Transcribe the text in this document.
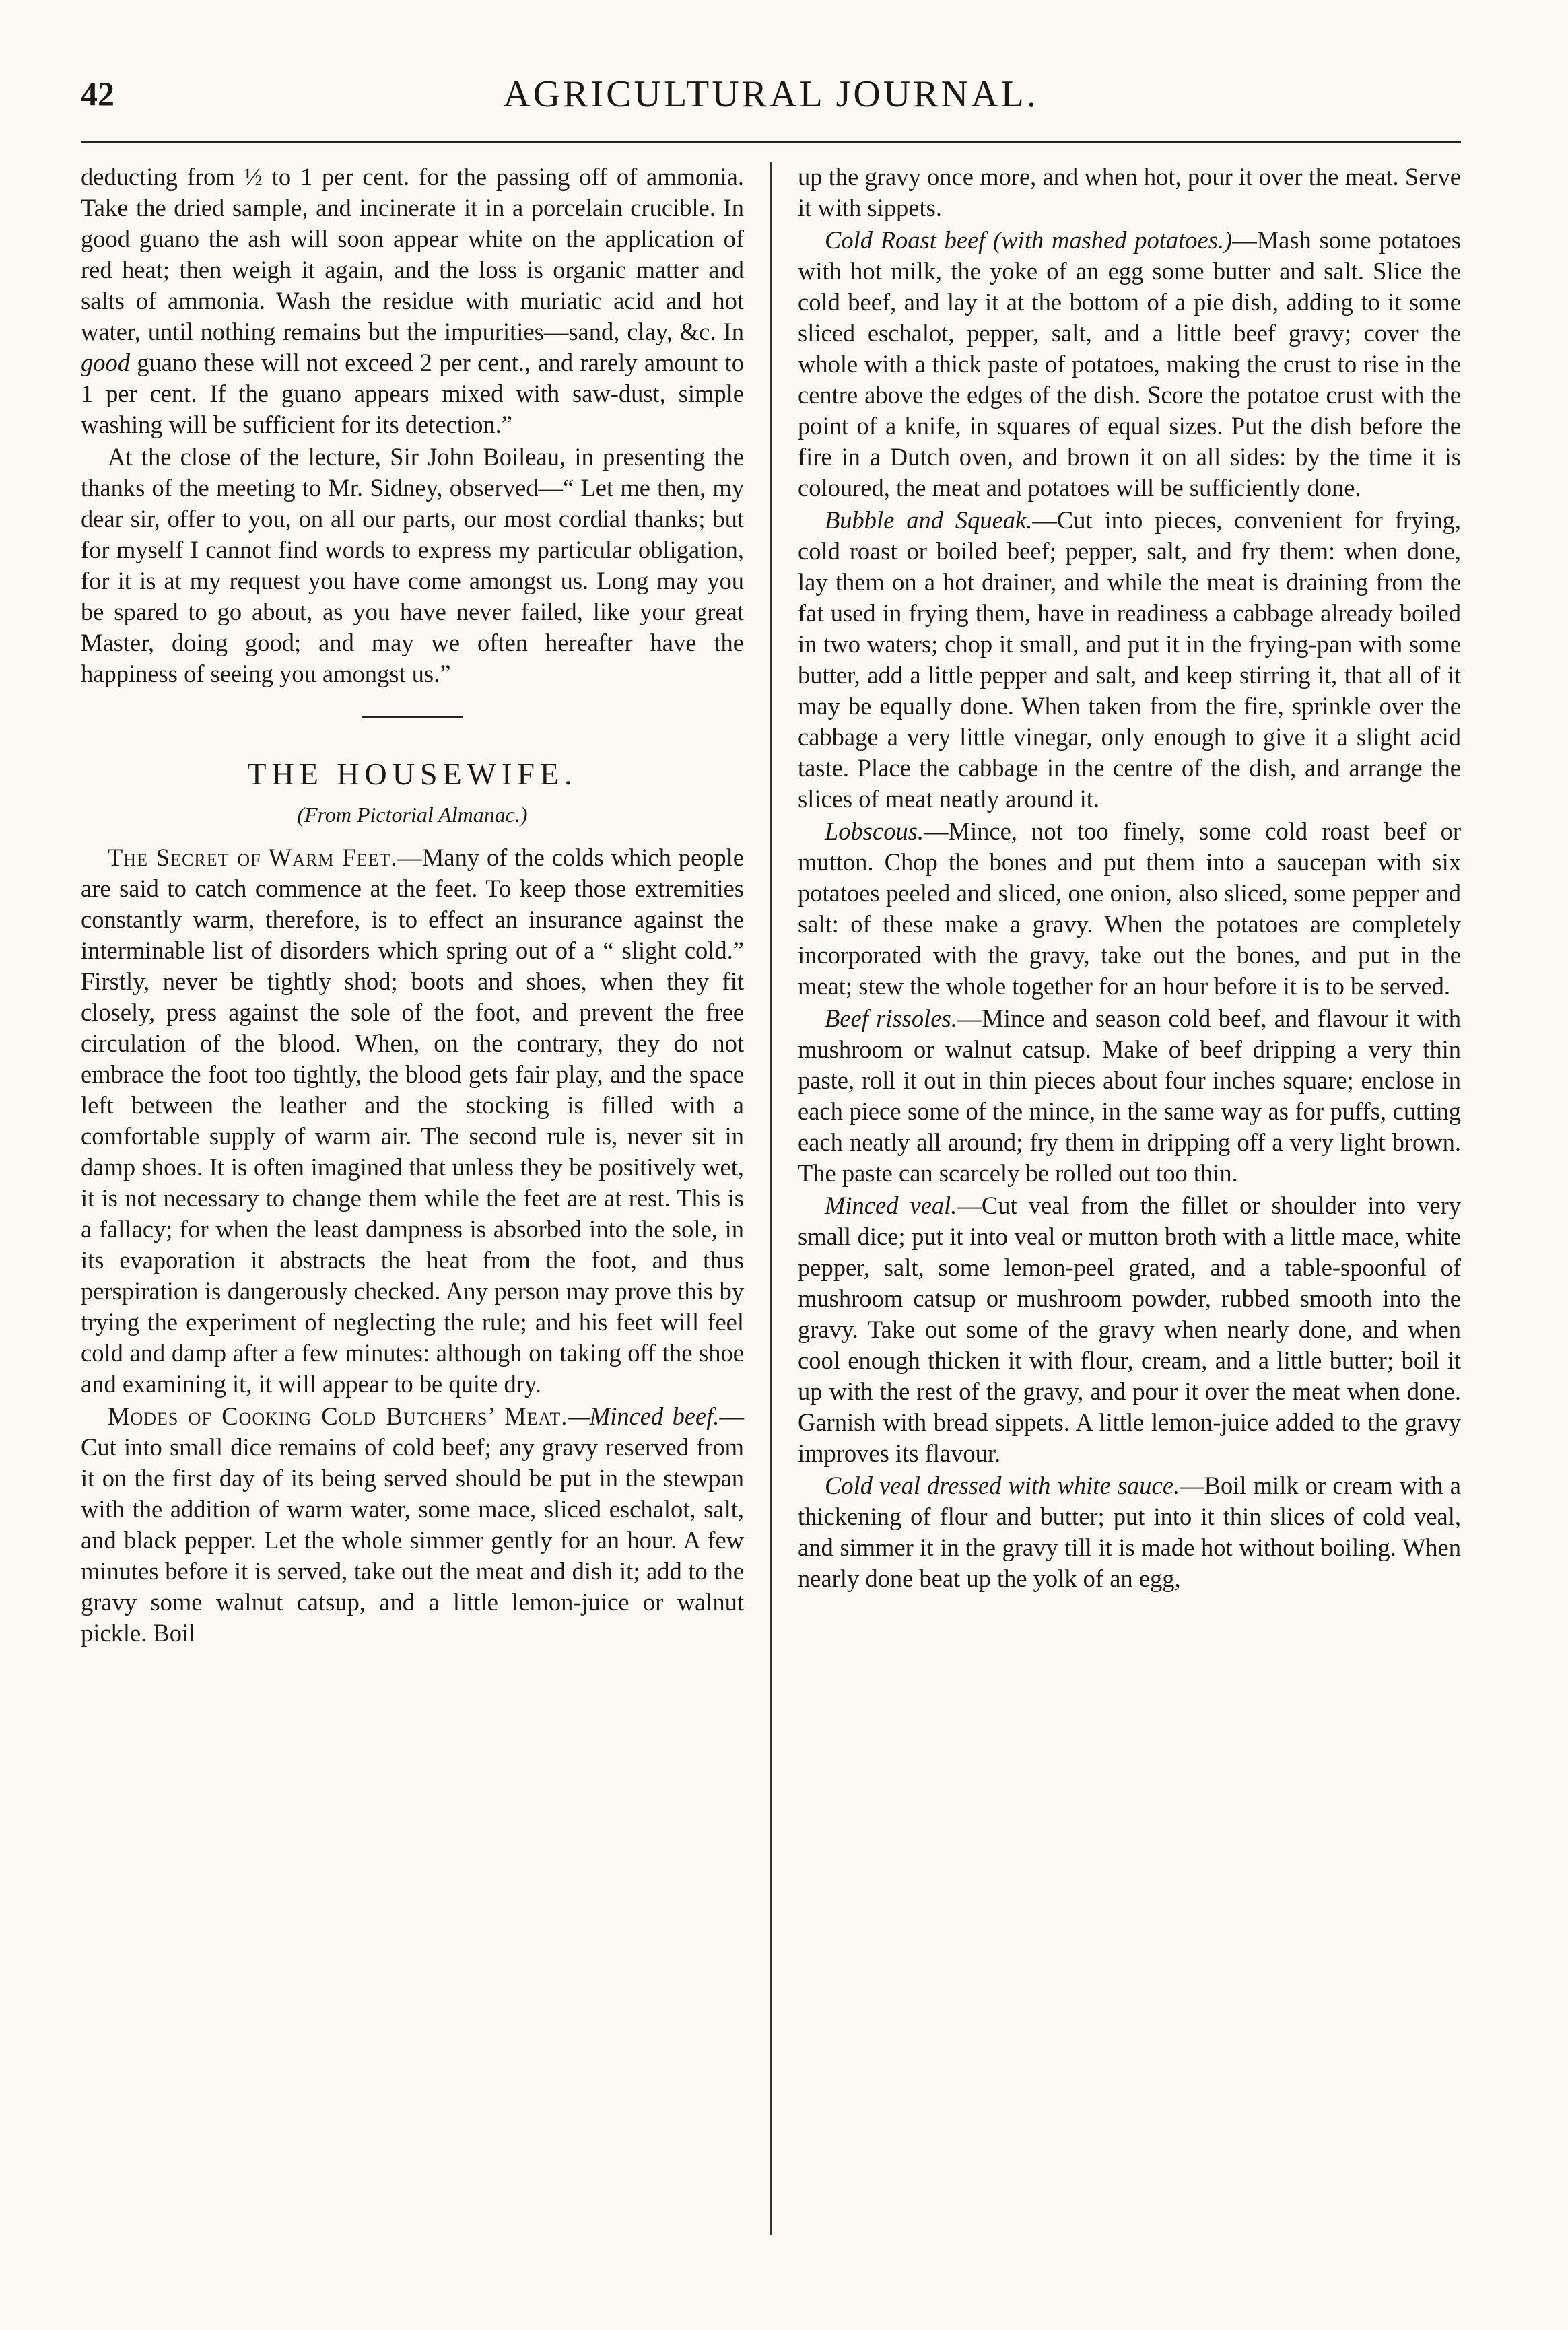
42	AGRICULTURAL JOURNAL.

deducting from ½ to 1 per cent. for the passing off of ammonia. Take the dried sample, and incinerate it in a porcelain crucible. In good guano the ash will soon appear white on the application of red heat; then weigh it again, and the loss is organic matter and salts of ammonia. Wash the residue with muriatic acid and hot water, until nothing remains but the impurities—sand, clay, &c. In good guano these will not exceed 2 per cent., and rarely amount to 1 per cent. If the guano appears mixed with saw-dust, simple washing will be sufficient for its detection.”

At the close of the lecture, Sir John Boileau, in presenting the thanks of the meeting to Mr. Sidney, observed—“ Let me then, my dear sir, offer to you, on all our parts, our most cordial thanks; but for myself I cannot find words to express my particular obligation, for it is at my request you have come amongst us. Long may you be spared to go about, as you have never failed, like your great Master, doing good; and may we often hereafter have the happiness of seeing you amongst us.”

THE HOUSEWIFE.
(From Pictorial Almanac.)

The Secret of Warm Feet.—Many of the colds which people are said to catch commence at the feet. To keep those extremities constantly warm, therefore, is to effect an insurance against the interminable list of disorders which spring out of a “ slight cold.” Firstly, never be tightly shod; boots and shoes, when they fit closely, press against the sole of the foot, and prevent the free circulation of the blood. When, on the contrary, they do not embrace the foot too tightly, the blood gets fair play, and the space left between the leather and the stocking is filled with a comfortable supply of warm air. The second rule is, never sit in damp shoes. It is often imagined that unless they be positively wet, it is not necessary to change them while the feet are at rest. This is a fallacy; for when the least dampness is absorbed into the sole, in its evaporation it abstracts the heat from the foot, and thus perspiration is dangerously checked. Any person may prove this by trying the experiment of neglecting the rule; and his feet will feel cold and damp after a few minutes: although on taking off the shoe and examining it, it will appear to be quite dry.

Modes of Cooking Cold Butchers’ Meat.—Minced beef.—Cut into small dice remains of cold beef; any gravy reserved from it on the first day of its being served should be put in the stewpan with the addition of warm water, some mace, sliced eschalot, salt, and black pepper. Let the whole simmer gently for an hour. A few minutes before it is served, take out the meat and dish it; add to the gravy some walnut catsup, and a little lemon-juice or walnut pickle. Boil

up the gravy once more, and when hot, pour it over the meat. Serve it with sippets.

Cold Roast beef (with mashed potatoes.)—Mash some potatoes with hot milk, the yoke of an egg some butter and salt. Slice the cold beef, and lay it at the bottom of a pie dish, adding to it some sliced eschalot, pepper, salt, and a little beef gravy; cover the whole with a thick paste of potatoes, making the crust to rise in the centre above the edges of the dish. Score the potatoe crust with the point of a knife, in squares of equal sizes. Put the dish before the fire in a Dutch oven, and brown it on all sides: by the time it is coloured, the meat and potatoes will be sufficiently done.

Bubble and Squeak.—Cut into pieces, convenient for frying, cold roast or boiled beef; pepper, salt, and fry them: when done, lay them on a hot drainer, and while the meat is draining from the fat used in frying them, have in readiness a cabbage already boiled in two waters; chop it small, and put it in the frying-pan with some butter, add a little pepper and salt, and keep stirring it, that all of it may be equally done. When taken from the fire, sprinkle over the cabbage a very little vinegar, only enough to give it a slight acid taste. Place the cabbage in the centre of the dish, and arrange the slices of meat neatly around it.

Lobscous.—Mince, not too finely, some cold roast beef or mutton. Chop the bones and put them into a saucepan with six potatoes peeled and sliced, one onion, also sliced, some pepper and salt: of these make a gravy. When the potatoes are completely incorporated with the gravy, take out the bones, and put in the meat; stew the whole together for an hour before it is to be served.

Beef rissoles.—Mince and season cold beef, and flavour it with mushroom or walnut catsup. Make of beef dripping a very thin paste, roll it out in thin pieces about four inches square; enclose in each piece some of the mince, in the same way as for puffs, cutting each neatly all around; fry them in dripping off a very light brown. The paste can scarcely be rolled out too thin.

Minced veal.—Cut veal from the fillet or shoulder into very small dice; put it into veal or mutton broth with a little mace, white pepper, salt, some lemon-peel grated, and a table-spoonful of mushroom catsup or mushroom powder, rubbed smooth into the gravy. Take out some of the gravy when nearly done, and when cool enough thicken it with flour, cream, and a little butter; boil it up with the rest of the gravy, and pour it over the meat when done. Garnish with bread sippets. A little lemon-juice added to the gravy improves its flavour.

Cold veal dressed with white sauce.—Boil milk or cream with a thickening of flour and butter; put into it thin slices of cold veal, and simmer it in the gravy till it is made hot without boiling. When nearly done beat up the yolk of an egg,
